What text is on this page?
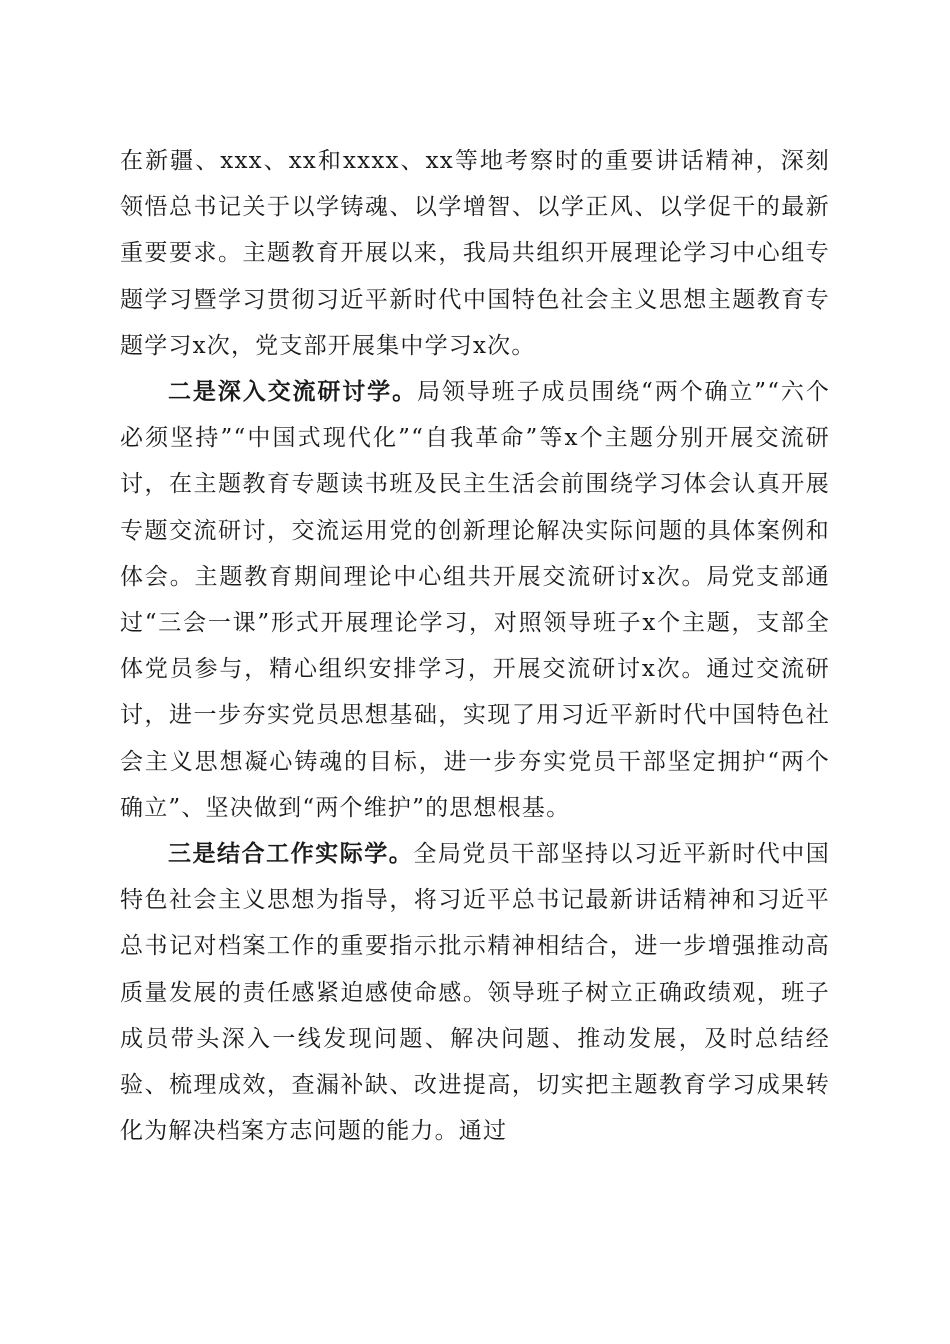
在新疆、xxx、xx和xxxx、xx等地考察时的重要讲话精神，深刻领悟总书记关于以学铸魂、以学增智、以学正风、以学促干的最新重要要求。主题教育开展以来，我局共组织开展理论学习中心组专题学习暨学习贯彻习近平新时代中国特色社会主义思想主题教育专题学习x次，党支部开展集中学习x次。

二是深入交流研讨学。局领导班子成员围绕“两个确立”“六个必须坚持”“中国式现代化”“自我革命”等x个主题分别开展交流研讨，在主题教育专题读书班及民主生活会前围绕学习体会认真开展专题交流研讨，交流运用党的创新理论解决实际问题的具体案例和体会。主题教育期间理论中心组共开展交流研讨x次。局党支部通过“三会一课”形式开展理论学习，对照领导班子x个主题，支部全体党员参与，精心组织安排学习，开展交流研讨x次。通过交流研讨，进一步夯实党员思想基础，实现了用习近平新时代中国特色社会主义思想凝心铸魂的目标，进一步夯实党员干部坚定拥护“两个确立”、坚决做到“两个维护”的思想根基。

三是结合工作实际学。全局党员干部坚持以习近平新时代中国特色社会主义思想为指导，将习近平总书记最新讲话精神和习近平总书记对档案工作的重要指示批示精神相结合，进一步增强推动高质量发展的责任感紧迫感使命感。领导班子树立正确政绩观，班子成员带头深入一线发现问题、解决问题、推动发展，及时总结经验、梳理成效，查漏补缺、改进提高，切实把主题教育学习成果转化为解决档案方志问题的能力。通过
